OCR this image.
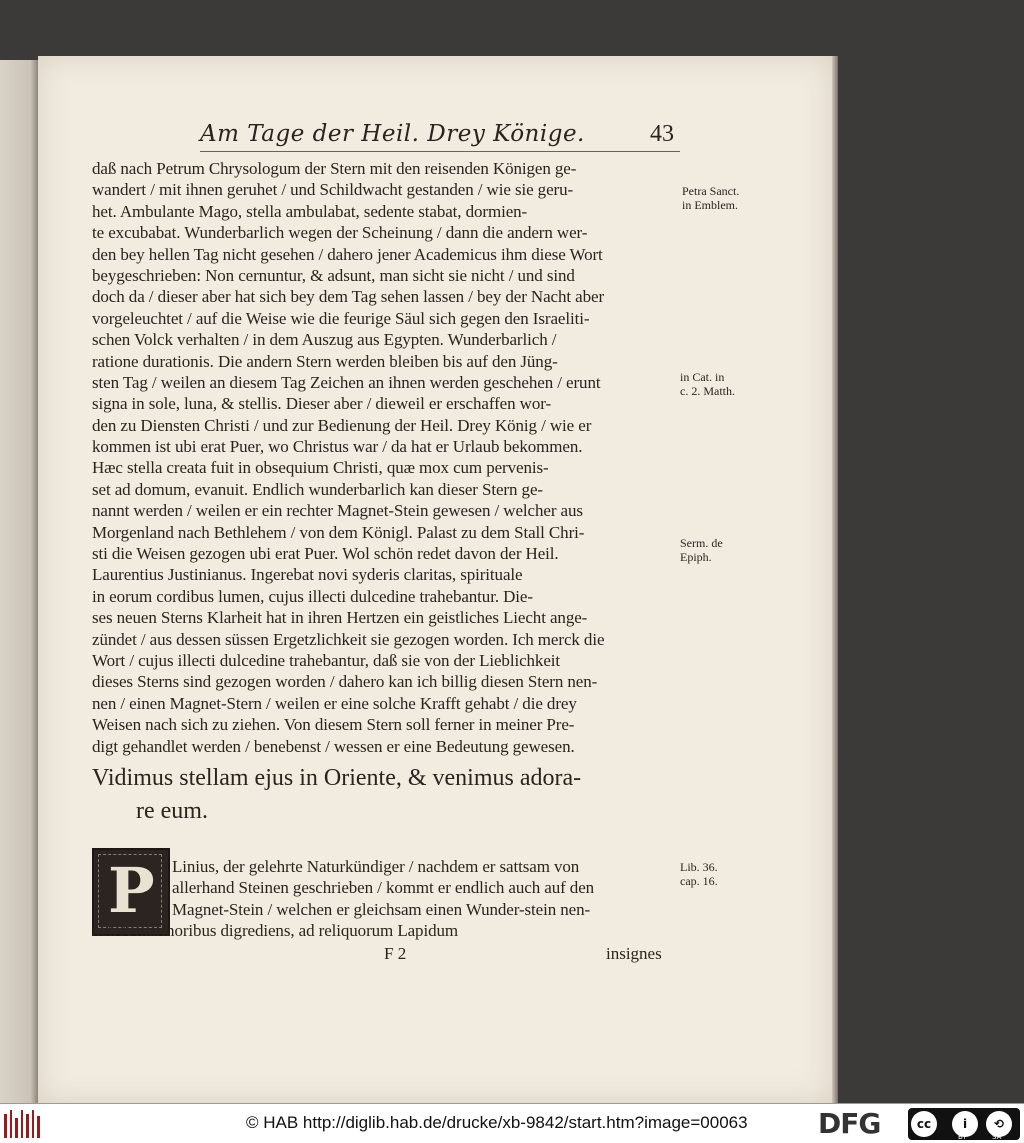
Am Tage der Heil. Drey Könige.	43
daß nach Petrum Chrysologum der Stern mit den reisenden Königen ge-
wandert / mit ihnen geruhet / und Schildwacht gestanden / wie sie geru-
het. Ambulante Mago, stella ambulabat, sedente stabat, dormien-
te excubabat. Wunderbarlich wegen der Scheinung / dann die andern wer-
den bey hellen Tag nicht gesehen / dahero jener Academicus ihm diese Wort
beygeschrieben: Non cernuntur, & adsunt, man sicht sie nicht / und sind
doch da / dieser aber hat sich bey dem Tag sehen lassen / bey der Nacht aber
vorgeleuchtet / auf die Weise wie die feurige Säul sich gegen den Israeliti-
schen Volck verhalten / in dem Auszug aus Egypten. Wunderbarlich /
ratione durationis. Die andern Stern werden bleiben bis auf den Jüng-
sten Tag / weilen an diesem Tag Zeichen an ihnen werden geschehen / erunt
signa in sole, luna, & stellis. Dieser aber / dieweil er erschaffen wor-
den zu Diensten Christi / und zur Bedienung der Heil. Drey König / wie er
kommen ist ubi erat Puer, wo Christus war / da hat er Urlaub bekommen.
Hæc stella creata fuit in obsequium Christi, quæ mox cum pervenis-
set ad domum, evanuit. Endlich wunderbarlich kan dieser Stern ge-
nannt werden / weilen er ein rechter Magnet-Stein gewesen / welcher aus
Morgenland nach Bethlehem / von dem Königl. Palast zu dem Stall Chri-
sti die Weisen gezogen ubi erat Puer. Wol schön redet davon der Heil.
Laurentius Justinianus. Ingerebat novi syderis claritas, spirituale
in eorum cordibus lumen, cujus illecti dulcedine trahebantur. Die-
ses neuen Sterns Klarheit hat in ihren Hertzen ein geistliches Liecht ange-
zündet / aus dessen süssen Ergetzlichkeit sie gezogen worden. Ich merck die
Wort / cujus illecti dulcedine trahebantur, daß sie von der Lieblichkeit
dieses Sterns sind gezogen worden / dahero kan ich billig diesen Stern nen-
nen / einen Magnet-Stern / weilen er eine solche Krafft gehabt / die drey
Weisen nach sich zu ziehen. Von diesem Stern soll ferner in meiner Pre-
digt gehandlet werden / benebenst / wessen er eine Bedeutung gewesen.
Petra Sanct.
in Emblem.
in Cat. in
c. 2. Matth.
Serm. de
Epiph.
Lib. 36.
cap. 16.
Vidimus stellam ejus in Oriente, & venimus adora-
re eum.
P Linius, der gelehrte Naturkündiger / nachdem er sattsam von
allerhand Steinen geschrieben / kommt er endlich auch auf den
Magnet-Stein / welchen er gleichsam einen Wunder-stein nen-
net. A marmoribus digrediens, ad reliquorum Lapidum
F 2	insignes
© HAB http://diglib.hab.de/drucke/xb-9842/start.htm?image=00063	DFG	cc	i	⟲
BY	SA
